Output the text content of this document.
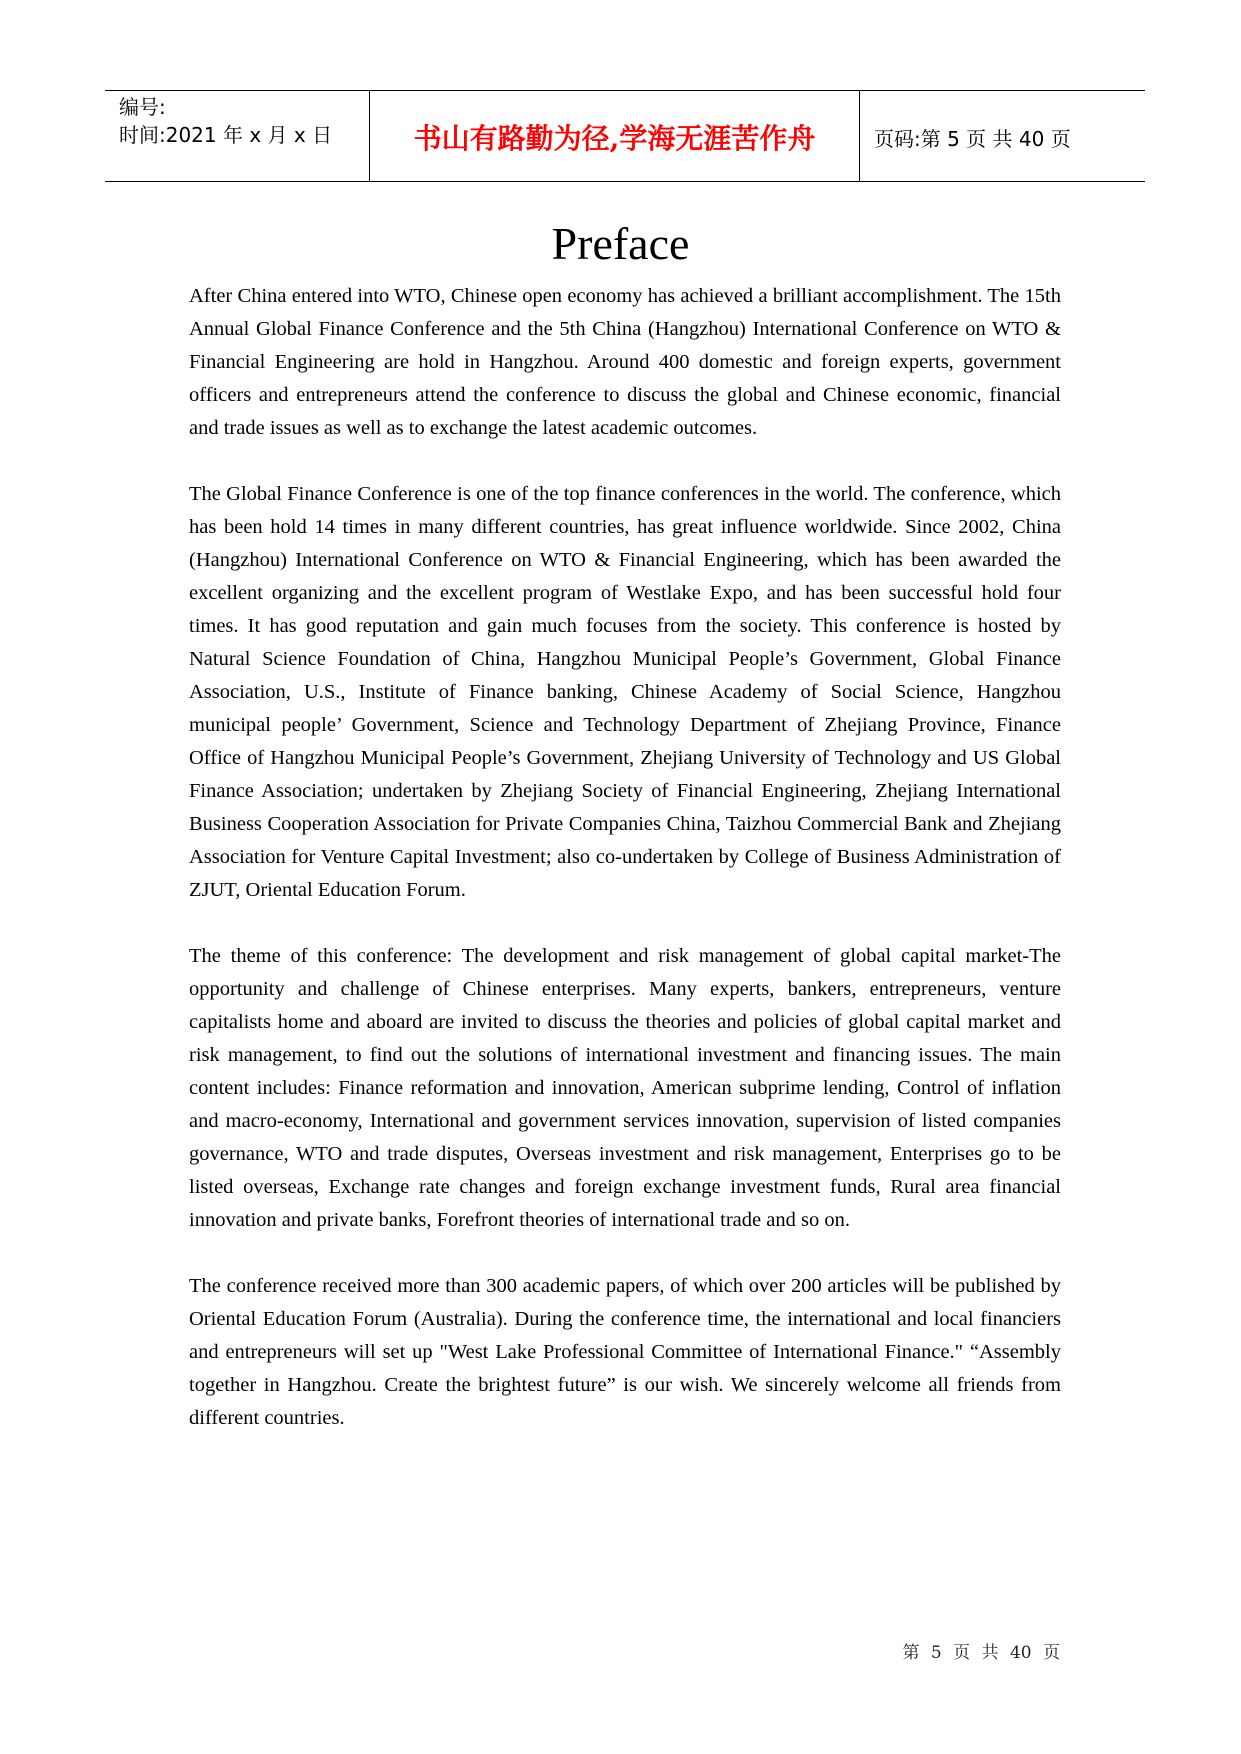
编号:
时间:2021 年 x 月 x 日	书山有路勤为径,学海无涯苦作舟	页码:第 5 页 共 40 页
Preface

After China entered into WTO, Chinese open economy has achieved a brilliant accomplishment. The 15th Annual Global Finance Conference and the 5th China (Hangzhou) International Conference on WTO & Financial Engineering are hold in Hangzhou. Around 400 domestic and foreign experts, government officers and entrepreneurs attend the conference to discuss the global and Chinese economic, financial and trade issues as well as to exchange the latest academic outcomes.

The Global Finance Conference is one of the top finance conferences in the world. The conference, which has been hold 14 times in many different countries, has great influence worldwide. Since 2002, China (Hangzhou) International Conference on WTO & Financial Engineering, which has been awarded the excellent organizing and the excellent program of Westlake Expo, and has been successful hold four times. It has good reputation and gain much focuses from the society. This conference is hosted by Natural Science Foundation of China, Hangzhou Municipal People’s Government, Global Finance Association, U.S., Institute of Finance banking, Chinese Academy of Social Science, Hangzhou municipal people’ Government, Science and Technology Department of Zhejiang Province, Finance Office of Hangzhou Municipal People’s Government, Zhejiang University of Technology and US Global Finance Association; undertaken by Zhejiang Society of Financial Engineering, Zhejiang International Business Cooperation Association for Private Companies China, Taizhou Commercial Bank and Zhejiang Association for Venture Capital Investment; also co-undertaken by College of Business Administration of ZJUT, Oriental Education Forum.

The theme of this conference: The development and risk management of global capital market-The opportunity and challenge of Chinese enterprises. Many experts, bankers, entrepreneurs, venture capitalists home and aboard are invited to discuss the theories and policies of global capital market and risk management, to find out the solutions of international investment and financing issues. The main content includes: Finance reformation and innovation, American subprime lending, Control of inflation and macro-economy, International and government services innovation, supervision of listed companies governance, WTO and trade disputes, Overseas investment and risk management, Enterprises go to be listed overseas, Exchange rate changes and foreign exchange investment funds, Rural area financial innovation and private banks, Forefront theories of international trade and so on.

The conference received more than 300 academic papers, of which over 200 articles will be published by Oriental Education Forum (Australia). During the conference time, the international and local financiers and entrepreneurs will set up "West Lake Professional Committee of International Finance." “Assembly together in Hangzhou. Create the brightest future” is our wish. We sincerely welcome all friends from different countries.

第 5 页 共 40 页
